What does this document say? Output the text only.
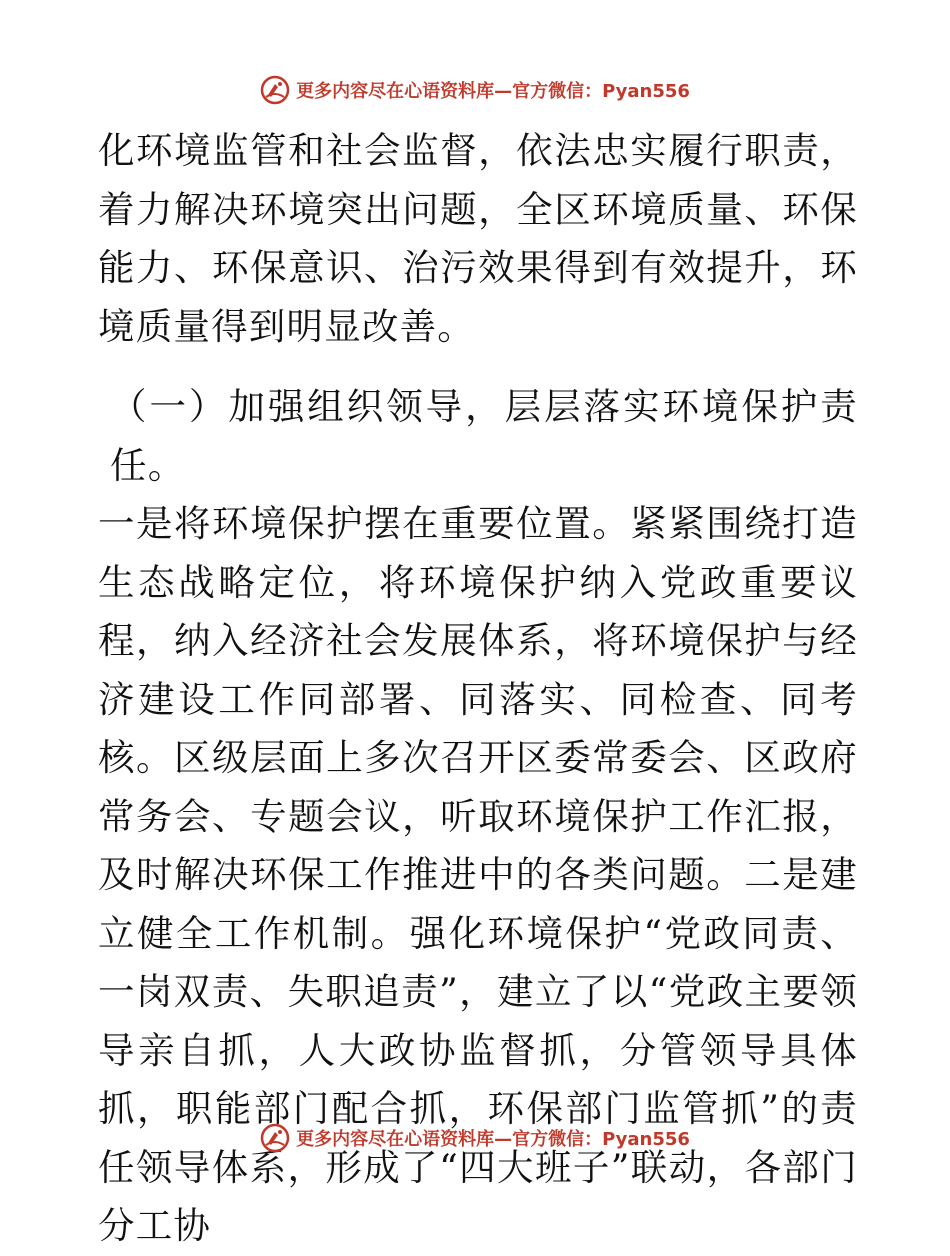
更多内容尽在心语资料库—官方微信：Pyan556

化环境监管和社会监督，依法忠实履行职责，着力解决环境突出问题，全区环境质量、环保能力、环保意识、治污效果得到有效提升，环境质量得到明显改善。

（一）加强组织领导，层层落实环境保护责任。

一是将环境保护摆在重要位置。紧紧围绕打造生态战略定位，将环境保护纳入党政重要议程，纳入经济社会发展体系，将环境保护与经济建设工作同部署、同落实、同检查、同考核。区级层面上多次召开区委常委会、区政府常务会、专题会议，听取环境保护工作汇报，及时解决环保工作推进中的各类问题。二是建立健全工作机制。强化环境保护“党政同责、一岗双责、失职追责”，建立了以“党政主要领导亲自抓，人大政协监督抓，分管领导具体抓，职能部门配合抓，环保部门监管抓”的责任领导体系，形成了“四大班子”联动，各部门分工协

更多内容尽在心语资料库—官方微信：Pyan556
